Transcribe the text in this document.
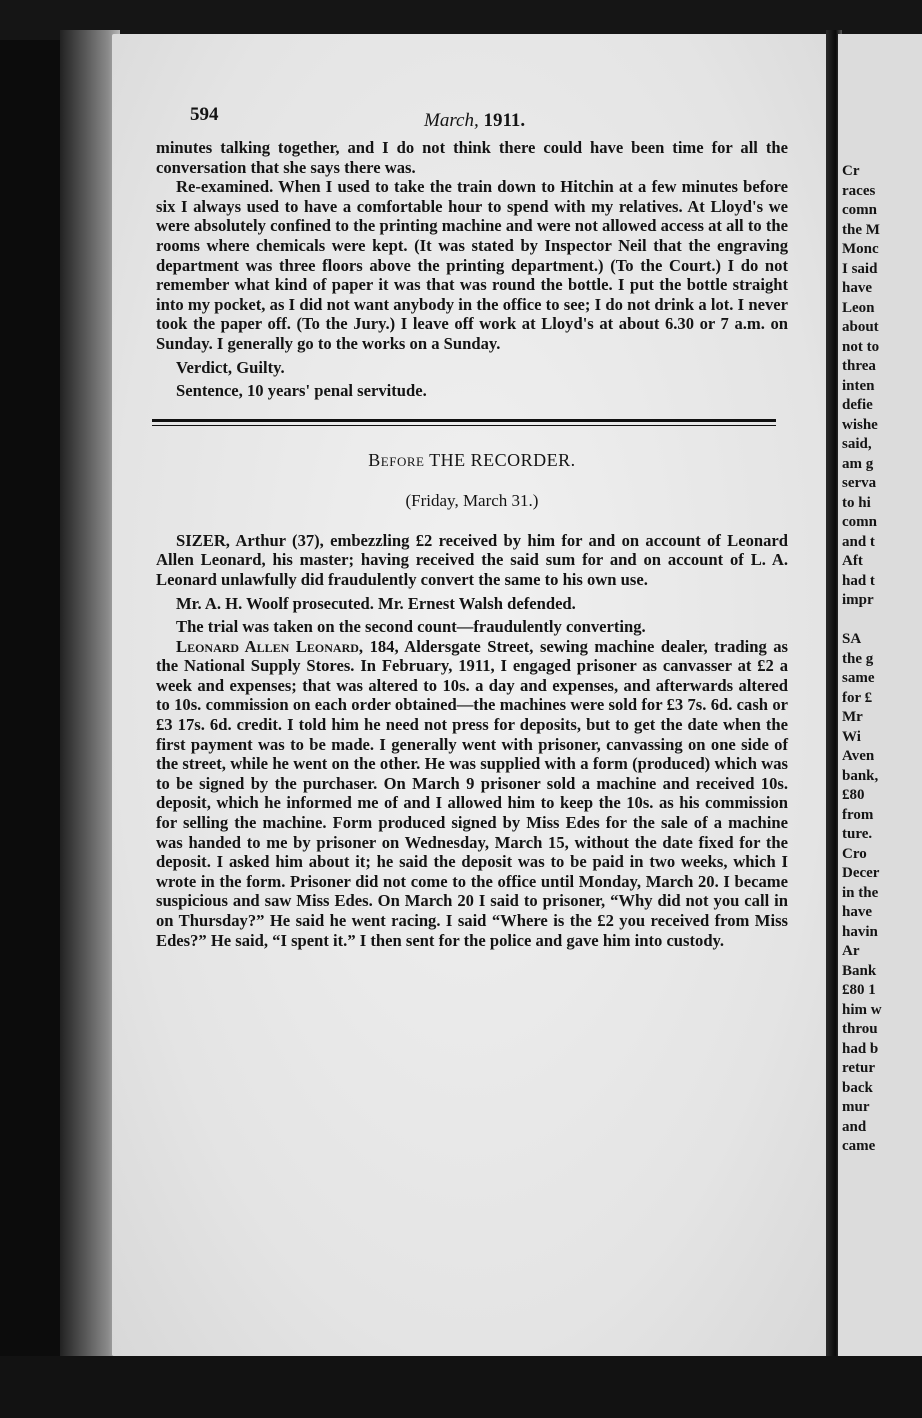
594	March, 1911.

minutes talking together, and I do not think there could have been time for all the conversation that she says there was.

Re-examined. When I used to take the train down to Hitchin at a few minutes before six I always used to have a comfortable hour to spend with my relatives. At Lloyd's we were absolutely confined to the printing machine and were not allowed access at all to the rooms where chemicals were kept. (It was stated by Inspector Neil that the engraving department was three floors above the printing department.) (To the Court.) I do not remember what kind of paper it was that was round the bottle. I put the bottle straight into my pocket, as I did not want anybody in the office to see; I do not drink a lot. I never took the paper off. (To the Jury.) I leave off work at Lloyd's at about 6.30 or 7 a.m. on Sunday. I generally go to the works on a Sunday.

Verdict, Guilty.

Sentence, 10 years' penal servitude.

Before THE RECORDER.
(Friday, March 31.)

SIZER, Arthur (37), embezzling £2 received by him for and on account of Leonard Allen Leonard, his master; having received the said sum for and on account of L. A. Leonard unlawfully did fraudulently convert the same to his own use.

Mr. A. H. Woolf prosecuted. Mr. Ernest Walsh defended.

The trial was taken on the second count—fraudulently converting.

Leonard Allen Leonard, 184, Aldersgate Street, sewing machine dealer, trading as the National Supply Stores. In February, 1911, I engaged prisoner as canvasser at £2 a week and expenses; that was altered to 10s. a day and expenses, and afterwards altered to 10s. commission on each order obtained—the machines were sold for £3 7s. 6d. cash or £3 17s. 6d. credit. I told him he need not press for deposits, but to get the date when the first payment was to be made. I generally went with prisoner, canvassing on one side of the street, while he went on the other. He was supplied with a form (produced) which was to be signed by the purchaser. On March 9 prisoner sold a machine and received 10s. deposit, which he informed me of and I allowed him to keep the 10s. as his commission for selling the machine. Form produced signed by Miss Edes for the sale of a machine was handed to me by prisoner on Wednesday, March 15, without the date fixed for the deposit. I asked him about it; he said the deposit was to be paid in two weeks, which I wrote in the form. Prisoner did not come to the office until Monday, March 20. I became suspicious and saw Miss Edes. On March 20 I said to prisoner, “Why did not you call in on Thursday?” He said he went racing. I said “Where is the £2 you received from Miss Edes?” He said, “I spent it.” I then sent for the police and gave him into custody.

Cr
races
comn
the M
Monc
I said
have
Leon
about
not to
threa
inten
defie
wishe
said,
am g
serva
to hi
comn
and t
Aft
had t
impr

SA
the g
same
for £
Mr
Wi
Aven
bank,
£80
from
ture.
Cro
Decer
in the
have
havin
Ar
Bank
£80 1
him w
throu
had b
retur
back
mur
and
came
